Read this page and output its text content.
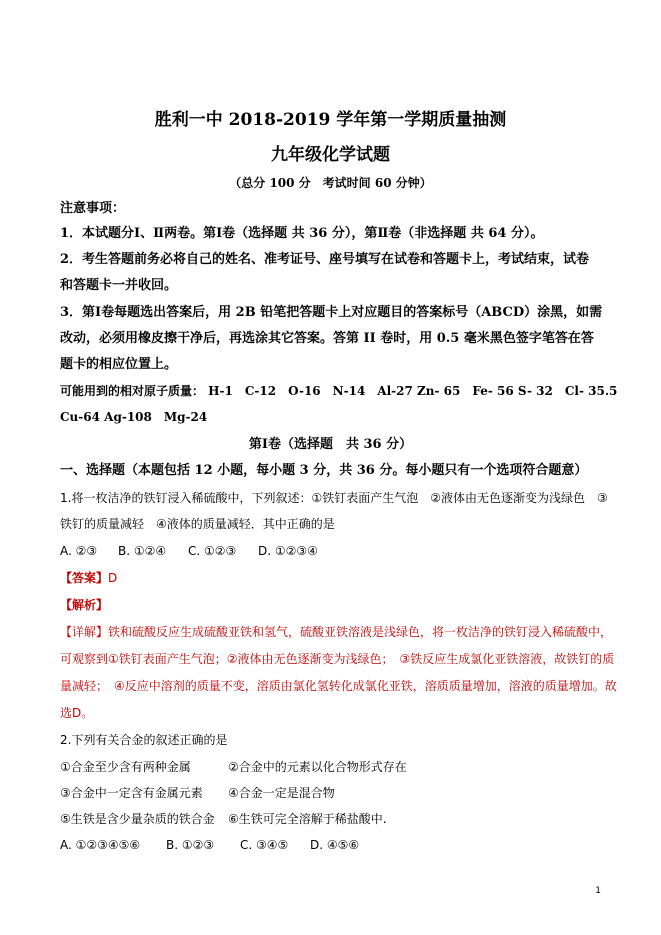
胜利一中 2018-2019 学年第一学期质量抽测
九年级化学试题
（总分 100 分　考试时间 60 分钟）
注意事项：
1．本试题分Ⅰ、Ⅱ两卷。第Ⅰ卷（选择题 共 36 分），第Ⅱ卷（非选择题 共 64 分）。
2．考生答题前务必将自己的姓名、准考证号、座号填写在试卷和答题卡上，考试结束，试卷
和答题卡一并收回。
3．第Ⅰ卷每题选出答案后，用 2B 铅笔把答题卡上对应题目的答案标号（ABCD）涂黑，如需
改动，必须用橡皮擦干净后，再选涂其它答案。答第 II 卷时，用 0.5 毫米黑色签字笔答在答
题卡的相应位置上。
可能用到的相对原子质量： H-1　C-12　O-16　N-14　Al-27 Zn- 65　Fe- 56 S- 32　Cl- 35.5
Cu-64 Ag-108　Mg-24
第Ⅰ卷（选择题　共 36 分）
一、选择题（本题包括 12 小题，每小题 3 分，共 36 分。每小题只有一个选项符合题意）
1.将一枚洁净的铁钉浸入稀硫酸中，下列叙述：①铁钉表面产生气泡　②液体由无色逐渐变为浅绿色　③
铁钉的质量减轻　④液体的质量减轻．其中正确的是
A. ②③ B. ①②④ C. ①②③ D. ①②③④
【答案】D
【解析】
【详解】铁和硫酸反应生成硫酸亚铁和氢气，硫酸亚铁溶液是浅绿色，将一枚洁净的铁钉浸入稀硫酸中，
可观察到①铁钉表面产生气泡；②液体由无色逐渐变为浅绿色；　③铁反应生成氯化亚铁溶液，故铁钉的质
量减轻；　④反应中溶剂的质量不变，溶质由氯化氢转化成氯化亚铁，溶质质量增加，溶液的质量增加。故
选D。
2.下列有关合金的叙述正确的是
①合金至少含有两种金属	②合金中的元素以化合物形式存在
③合金中一定含有金属元素 ④合金一定是混合物
⑤生铁是含少量杂质的铁合金 ⑥生铁可完全溶解于稀盐酸中.
A. ①②③④⑤⑥ B. ①②③ C. ③④⑤ D. ④⑤⑥
1
